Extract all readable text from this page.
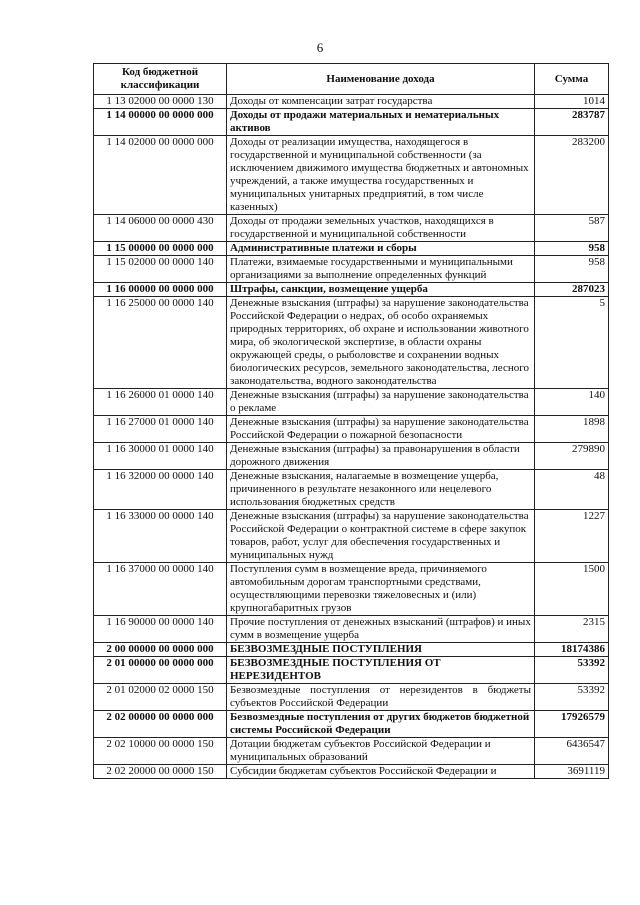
6
Код бюджетной классификации	Наименование дохода	Сумма
1 13 02000 00 0000 130	Доходы от компенсации затрат государства	1014
1 14 00000 00 0000 000	Доходы от продажи материальных и нематериальных активов	283787
1 14 02000 00 0000 000	Доходы от реализации имущества, находящегося в государственной и муниципальной собственности (за исключением движимого имущества бюджетных и автономных учреждений, а также имущества государственных и муниципальных унитарных предприятий, в том числе казенных)	283200
1 14 06000 00 0000 430	Доходы от продажи земельных участков, находящихся в государственной и муниципальной собственности	587
1 15 00000 00 0000 000	Административные платежи и сборы	958
1 15 02000 00 0000 140	Платежи, взимаемые государственными и муниципальными организациями за выполнение определенных функций	958
1 16 00000 00 0000 000	Штрафы, санкции, возмещение ущерба	287023
1 16 25000 00 0000 140	Денежные взыскания (штрафы) за нарушение законодательства Российской Федерации о недрах, об особо охраняемых природных территориях, об охране и использовании животного мира, об экологической экспертизе, в области охраны окружающей среды, о рыболовстве и сохранении водных биологических ресурсов, земельного законодательства, лесного законодательства, водного законодательства	5
1 16 26000 01 0000 140	Денежные взыскания (штрафы) за нарушение законодательства о рекламе	140
1 16 27000 01 0000 140	Денежные взыскания (штрафы) за нарушение законодательства Российской Федерации о пожарной безопасности	1898
1 16 30000 01 0000 140	Денежные взыскания (штрафы) за правонарушения в области дорожного движения	279890
1 16 32000 00 0000 140	Денежные взыскания, налагаемые в возмещение ущерба, причиненного в результате незаконного или нецелевого использования бюджетных средств	48
1 16 33000 00 0000 140	Денежные взыскания (штрафы) за нарушение законодательства Российской Федерации о контрактной системе в сфере закупок товаров, работ, услуг для обеспечения государственных и муниципальных нужд	1227
1 16 37000 00 0000 140	Поступления сумм в возмещение вреда, причиняемого автомобильным дорогам транспортными средствами, осуществляющими перевозки тяжеловесных и (или) крупногабаритных грузов	1500
1 16 90000 00 0000 140	Прочие поступления от денежных взысканий (штрафов) и иных сумм в возмещение ущерба	2315
2 00 00000 00 0000 000	БЕЗВОЗМЕЗДНЫЕ ПОСТУПЛЕНИЯ	18174386
2 01 00000 00 0000 000	БЕЗВОЗМЕЗДНЫЕ ПОСТУПЛЕНИЯ ОТ НЕРЕЗИДЕНТОВ	53392
2 01 02000 02 0000 150	Безвозмездные поступления от нерезидентов в бюджеты субъектов Российской Федерации	53392
2 02 00000 00 0000 000	Безвозмездные поступления от других бюджетов бюджетной системы Российской Федерации	17926579
2 02 10000 00 0000 150	Дотации бюджетам субъектов Российской Федерации и муниципальных образований	6436547
2 02 20000 00 0000 150	Субсидии бюджетам субъектов Российской Федерации и	3691119
